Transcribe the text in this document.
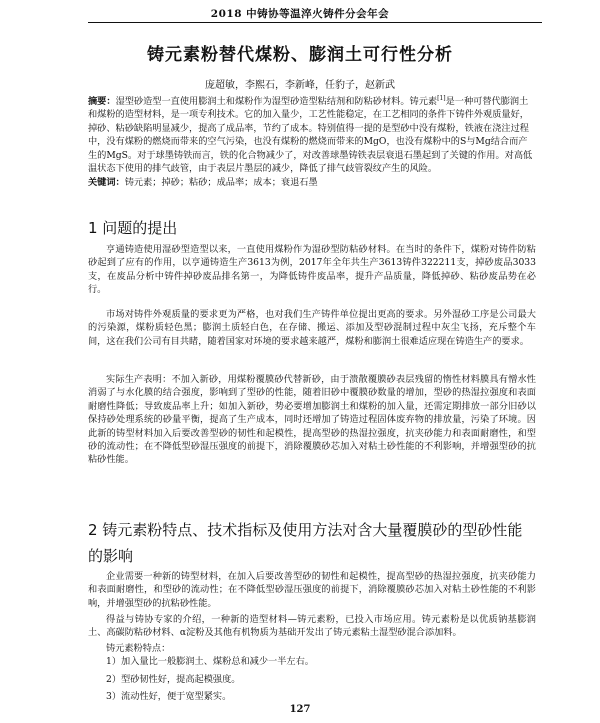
2018 中铸协等温淬火铸件分会年会
铸元素粉替代煤粉、膨润土可行性分析
庞超敏，李熙石，李新峰，任豹子，赵新武
摘要：湿型砂造型一直使用膨润土和煤粉作为湿型砂造型粘结剂和防粘砂材料。铸元素[1]是一种可替代膨润土和煤粉的造型材料，是一项专利技术。它的加入量少，工艺性能稳定，在工艺相同的条件下铸件外观质量好，掉砂、粘砂缺陷明显减少，提高了成品率，节约了成本。特别值得一提的是型砂中没有煤粉，铁液在浇注过程中，没有煤粉的燃烧而带来的空气污染，也没有煤粉的燃烧而带来的MgO，也没有煤粉中的S与Mg结合而产生的MgS。对于球墨铸铁而言，铁的化合物减少了，对改善球墨铸铁表层衰退石墨起到了关键的作用。对高低温状态下使用的排气歧管，由于表层片墨层的减少，降低了排气歧管裂纹产生的风险。
关键词：铸元素；掉砂；粘砂；成品率；成本；衰退石墨
1 问题的提出
亨通铸造使用湿砂型造型以来，一直使用煤粉作为湿砂型防粘砂材料。在当时的条件下，煤粉对铸件防粘砂起到了应有的作用，以亨通铸造生产3613为例，2017年全年共生产3613铸件322211支，掉砂废品3033支，在废品分析中铸件掉砂废品排名第一，为降低铸件废品率，提升产品质量，降低掉砂、粘砂废品势在必行。
市场对铸件外观质量的要求更为严格，也对我们生产铸件单位提出更高的要求。另外湿砂工序是公司最大的污染源，煤粉质轻色黑；膨润土质轻白色，在存储、搬运、添加及型砂混制过程中灰尘飞扬，充斥整个车间，这在我们公司有目共睹，随着国家对环境的要求越来越严，煤粉和膨润土很难适应现在铸造生产的要求。
实际生产表明：不加入新砂，用煤粉覆膜砂代替新砂，由于溃散覆膜砂表层残留的惰性材料膜具有憎水性消弱了与水化膜的结合强度，影响到了型砂的性能，随着旧砂中覆膜砂数量的增加，型砂的热湿拉强度和表面耐磨性降低；导致废品率上升；如加入新砂，势必要增加膨润土和煤粉的加入量，还需定期排放一部分旧砂以保持砂处理系统的砂量平衡，提高了生产成本，同时还增加了铸造过程固体废弃物的排放量，污染了环境。因此新的铸型材料加入后要改善型砂的韧性和起模性，提高型砂的热湿拉强度，抗夹砂能力和表面耐磨性，和型砂的流动性；在不降低型砂湿压强度的前提下，消除覆膜砂芯加入对粘土砂性能的不利影响，并增强型砂的抗粘砂性能。
2 铸元素粉特点、技术指标及使用方法对含大量覆膜砂的型砂性能的影响
企业需要一种新的铸型材料，在加入后要改善型砂的韧性和起模性，提高型砂的热湿拉强度，抗夹砂能力和表面耐磨性，和型砂的流动性；在不降低型砂湿压强度的前提下，消除覆膜砂芯加入对粘土砂性能的不利影响，并增强型砂的抗粘砂性能。
得益与铸协专家的介绍，一种新的造型材料—铸元素粉，已投入市场应用。铸元素粉是以优质钠基膨润土、高碳防粘砂材料、α淀粉及其他有机物质为基础开发出了铸元素粘土湿型砂混合添加料。
铸元素粉特点：
1）加入量比一般膨润土、煤粉总和减少一半左右。
2）型砂韧性好，提高起模强度。
3）流动性好，便于宽型紧实。
127
